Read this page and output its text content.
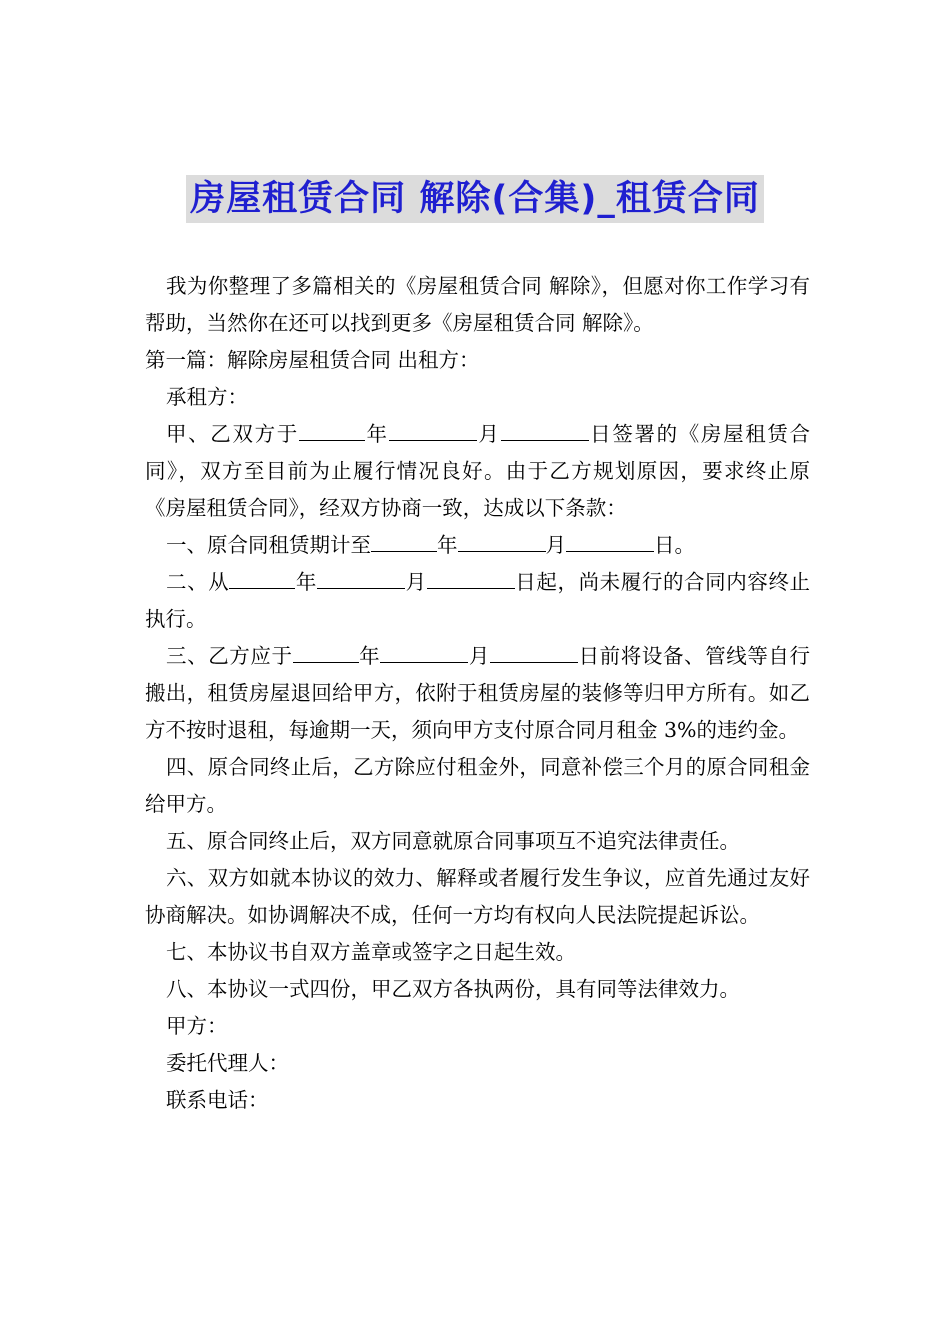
房屋租赁合同 解除(合集)_租赁合同

我为你整理了多篇相关的《房屋租赁合同 解除》，但愿对你工作学习有帮助，当然你在还可以找到更多《房屋租赁合同 解除》。

第一篇：解除房屋租赁合同 出租方：

承租方：

甲、乙双方于	年	月	日签署的《房屋租赁合同》，双方至目前为止履行情况良好。由于乙方规划原因，要求终止原《房屋租赁合同》，经双方协商一致，达成以下条款：

一、原合同租赁期计至	年	月	日。

二、从	年	月	日起，尚未履行的合同内容终止执行。

三、乙方应于	年	月	日前将设备、管线等自行搬出，租赁房屋退回给甲方，依附于租赁房屋的装修等归甲方所有。如乙方不按时退租，每逾期一天，须向甲方支付原合同月租金 3%的违约金。

四、原合同终止后，乙方除应付租金外，同意补偿三个月的原合同租金给甲方。

五、原合同终止后，双方同意就原合同事项互不追究法律责任。

六、双方如就本协议的效力、解释或者履行发生争议，应首先通过友好协商解决。如协调解决不成，任何一方均有权向人民法院提起诉讼。

七、本协议书自双方盖章或签字之日起生效。

八、本协议一式四份，甲乙双方各执两份，具有同等法律效力。

甲方：

委托代理人：

联系电话：
